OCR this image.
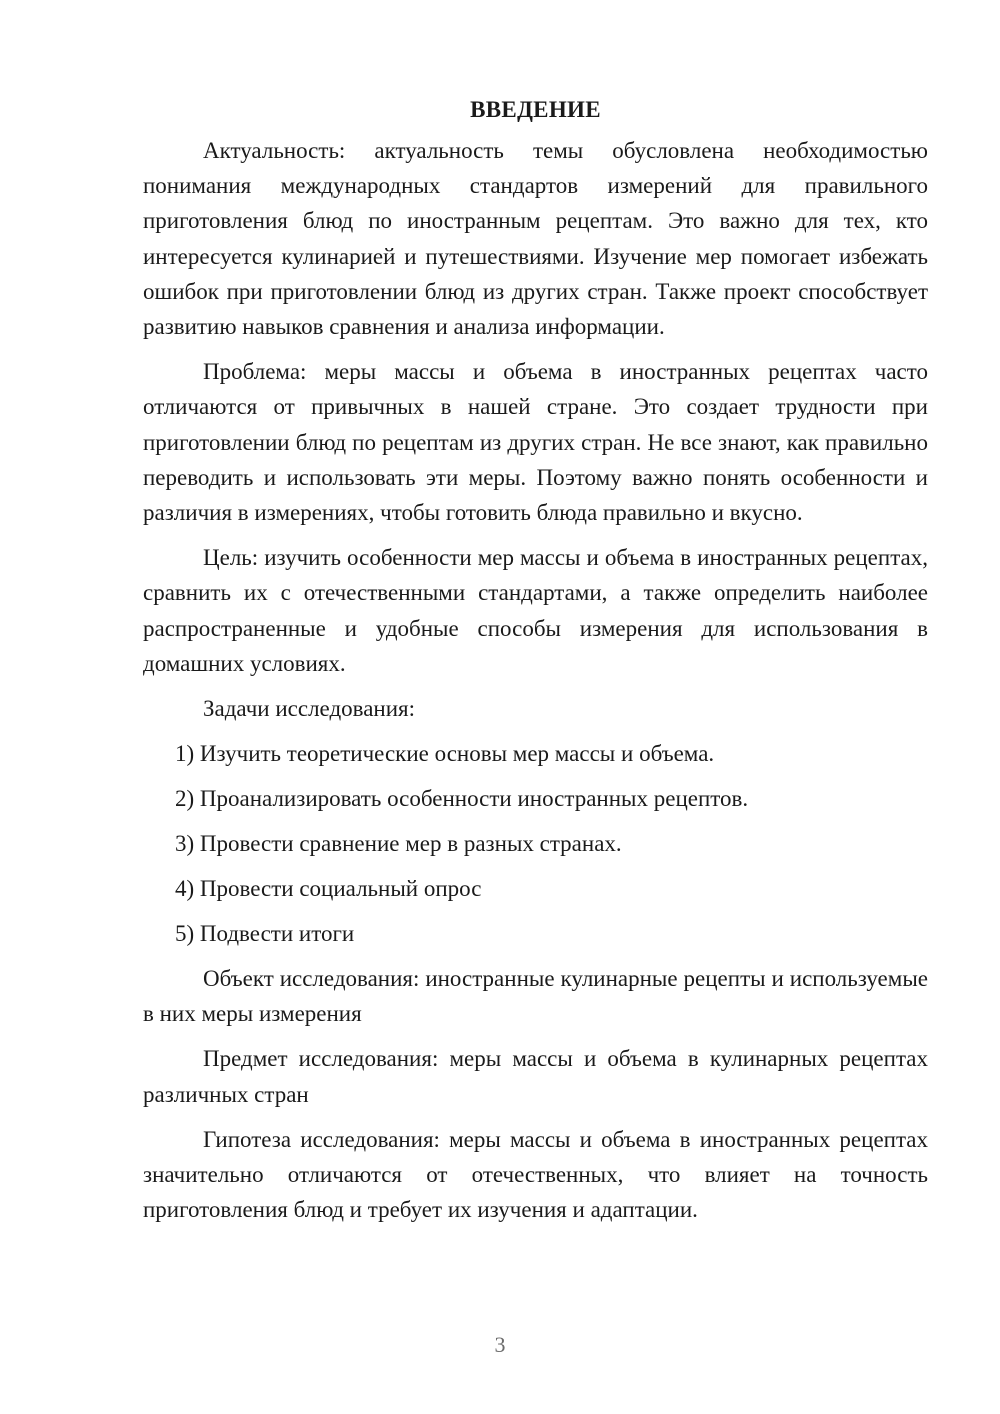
ВВЕДЕНИЕ

Актуальность: актуальность темы обусловлена необходимостью понимания международных стандартов измерений для правильного приготовления блюд по иностранным рецептам. Это важно для тех, кто интересуется кулинарией и путешествиями. Изучение мер помогает избежать ошибок при приготовлении блюд из других стран. Также проект способствует развитию навыков сравнения и анализа информации.

Проблема: меры массы и объема в иностранных рецептах часто отличаются от привычных в нашей стране. Это создает трудности при приготовлении блюд по рецептам из других стран. Не все знают, как правильно переводить и использовать эти меры. Поэтому важно понять особенности и различия в измерениях, чтобы готовить блюда правильно и вкусно.

Цель: изучить особенности мер массы и объема в иностранных рецептах, сравнить их с отечественными стандартами, а также определить наиболее распространенные и удобные способы измерения для использования в домашних условиях.

Задачи исследования:
1) Изучить теоретические основы мер массы и объема.
2) Проанализировать особенности иностранных рецептов.
3) Провести сравнение мер в разных странах.
4) Провести социальный опрос
5) Подвести итоги

Объект исследования: иностранные кулинарные рецепты и используемые в них меры измерения

Предмет исследования: меры массы и объема в кулинарных рецептах различных стран

Гипотеза исследования: меры массы и объема в иностранных рецептах значительно отличаются от отечественных, что влияет на точность приготовления блюд и требует их изучения и адаптации.

3
